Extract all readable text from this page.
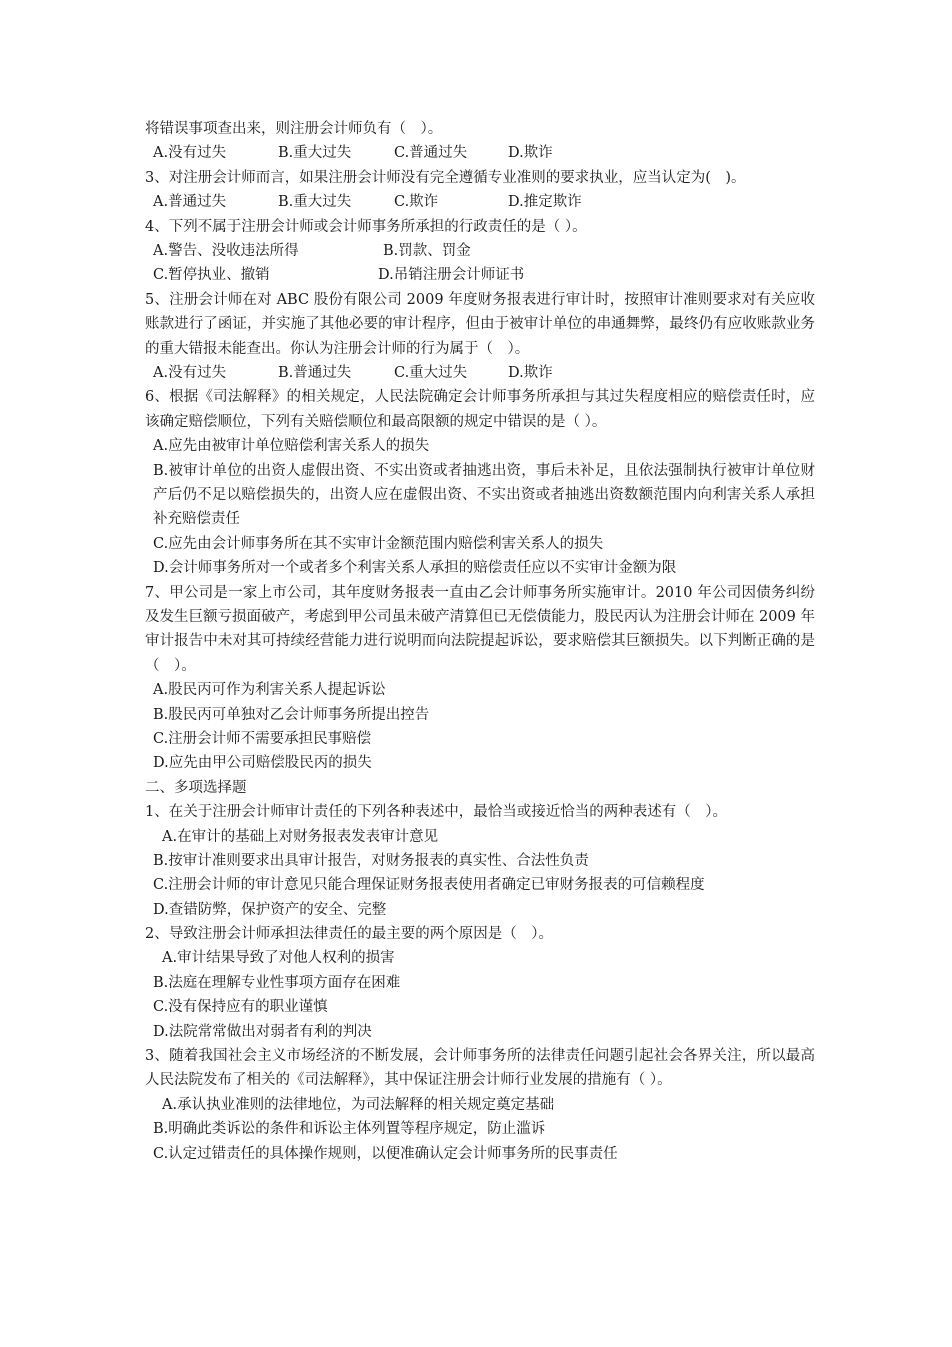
将错误事项查出来，则注册会计师负有（　）。
A.没有过失	B.重大过失	C.普通过失	D.欺诈
3、对注册会计师而言，如果注册会计师没有完全遵循专业准则的要求执业，应当认定为(　)。
A.普通过失	B.重大过失	C.欺诈	D.推定欺诈
4、下列不属于注册会计师或会计师事务所承担的行政责任的是（ ）。
A.警告、没收违法所得	B.罚款、罚金
C.暂停执业、撤销	D.吊销注册会计师证书
5、注册会计师在对 ABC 股份有限公司 2009 年度财务报表进行审计时，按照审计准则要求对有关应收账款进行了函证，并实施了其他必要的审计程序，但由于被审计单位的串通舞弊，最终仍有应收账款业务的重大错报未能查出。你认为注册会计师的行为属于（　）。
A.没有过失	B.普通过失	C.重大过失	D.欺诈
6、根据《司法解释》的相关规定，人民法院确定会计师事务所承担与其过失程度相应的赔偿责任时，应该确定赔偿顺位，下列有关赔偿顺位和最高限额的规定中错误的是（ ）。
A.应先由被审计单位赔偿利害关系人的损失
B.被审计单位的出资人虚假出资、不实出资或者抽逃出资，事后未补足，且依法强制执行被审计单位财产后仍不足以赔偿损失的，出资人应在虚假出资、不实出资或者抽逃出资数额范围内向利害关系人承担补充赔偿责任
C.应先由会计师事务所在其不实审计金额范围内赔偿利害关系人的损失
D.会计师事务所对一个或者多个利害关系人承担的赔偿责任应以不实审计金额为限
7、甲公司是一家上市公司，其年度财务报表一直由乙会计师事务所实施审计。2010 年公司因债务纠纷及发生巨额亏损面破产，考虑到甲公司虽未破产清算但已无偿债能力，股民丙认为注册会计师在 2009 年审计报告中未对其可持续经营能力进行说明而向法院提起诉讼，要求赔偿其巨额损失。以下判断正确的是（　）。
A.股民丙可作为利害关系人提起诉讼
B.股民丙可单独对乙会计师事务所提出控告
C.注册会计师不需要承担民事赔偿
D.应先由甲公司赔偿股民丙的损失
二、多项选择题
1、在关于注册会计师审计责任的下列各种表述中，最恰当或接近恰当的两种表述有（　）。
A.在审计的基础上对财务报表发表审计意见
B.按审计准则要求出具审计报告，对财务报表的真实性、合法性负责
C.注册会计师的审计意见只能合理保证财务报表使用者确定已审财务报表的可信赖程度
D.查错防弊，保护资产的安全、完整
2、导致注册会计师承担法律责任的最主要的两个原因是（　）。
A.审计结果导致了对他人权利的损害
B.法庭在理解专业性事项方面存在困难
C.没有保持应有的职业谨慎
D.法院常常做出对弱者有利的判决
3、随着我国社会主义市场经济的不断发展，会计师事务所的法律责任问题引起社会各界关注，所以最高人民法院发布了相关的《司法解释》，其中保证注册会计师行业发展的措施有（ ）。
A.承认执业准则的法律地位，为司法解释的相关规定奠定基础
B.明确此类诉讼的条件和诉讼主体列置等程序规定，防止滥诉
C.认定过错责任的具体操作规则，以便准确认定会计师事务所的民事责任
